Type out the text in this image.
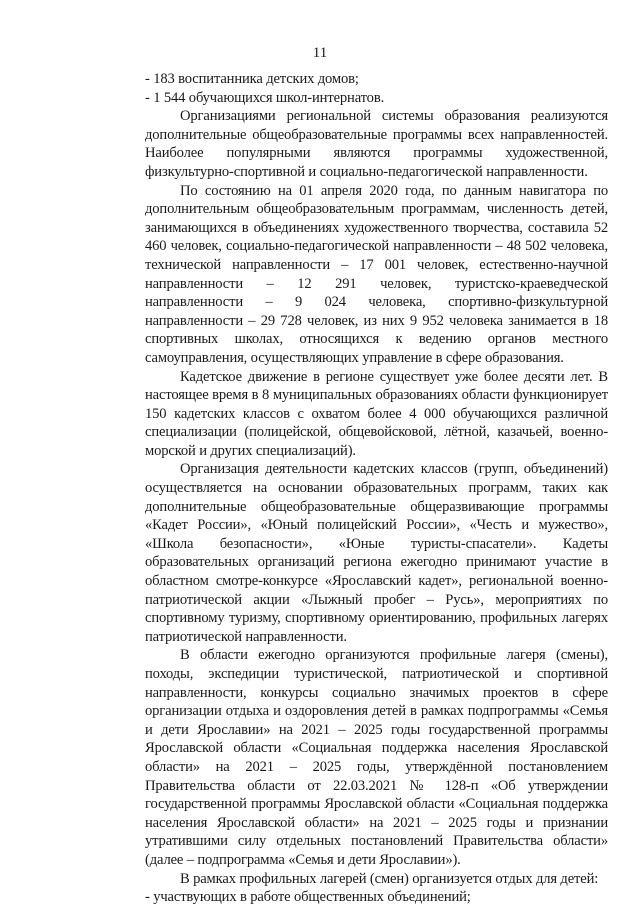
11

- 183 воспитанника детских домов;

- 1 544 обучающихся школ-интернатов.

Организациями региональной системы образования реализуются дополнительные общеобразовательные программы всех направленностей. Наиболее популярными являются программы художественной, физкультурно-спортивной и социально-педагогической направленности.

По состоянию на 01 апреля 2020 года, по данным навигатора по дополнительным общеобразовательным программам, численность детей, занимающихся в объединениях художественного творчества, составила 52 460 человек, социально-педагогической направленности – 48 502 человека, технической направленности – 17 001 человек, естественно-научной направленности – 12 291 человек, туристско-краеведческой направленности – 9 024 человека, спортивно-физкультурной направленности – 29 728 человек, из них 9 952 человека занимается в 18 спортивных школах, относящихся к ведению органов местного самоуправления, осуществляющих управление в сфере образования.

Кадетское движение в регионе существует уже более десяти лет. В настоящее время в 8 муниципальных образованиях области функционирует 150 кадетских классов с охватом более 4 000 обучающихся различной специализации (полицейской, общевойсковой, лётной, казачьей, военно-морской и других специализаций).

Организация деятельности кадетских классов (групп, объединений) осуществляется на основании образовательных программ, таких как дополнительные общеобразовательные общеразвивающие программы «Кадет России», «Юный полицейский России», «Честь и мужество», «Школа безопасности», «Юные туристы-спасатели». Кадеты образовательных организаций региона ежегодно принимают участие в областном смотре-конкурсе «Ярославский кадет», региональной военно-патриотической акции «Лыжный пробег – Русь», мероприятиях по спортивному туризму, спортивному ориентированию, профильных лагерях патриотической направленности.

В области ежегодно организуются профильные лагеря (смены), походы, экспедиции туристической, патриотической и спортивной направленности, конкурсы социально значимых проектов в сфере организации отдыха и оздоровления детей в рамках подпрограммы «Семья и дети Ярославии» на 2021 – 2025 годы государственной программы Ярославской области «Социальная поддержка населения Ярославской области» на 2021 – 2025 годы, утверждённой постановлением Правительства области от 22.03.2021 № 128-п «Об утверждении государственной программы Ярославской области «Социальная поддержка населения Ярославской области» на 2021 – 2025 годы и признании утратившими силу отдельных постановлений Правительства области» (далее – подпрограмма «Семья и дети Ярославии»).

В рамках профильных лагерей (смен) организуется отдых для детей:

- участвующих в работе общественных объединений;
